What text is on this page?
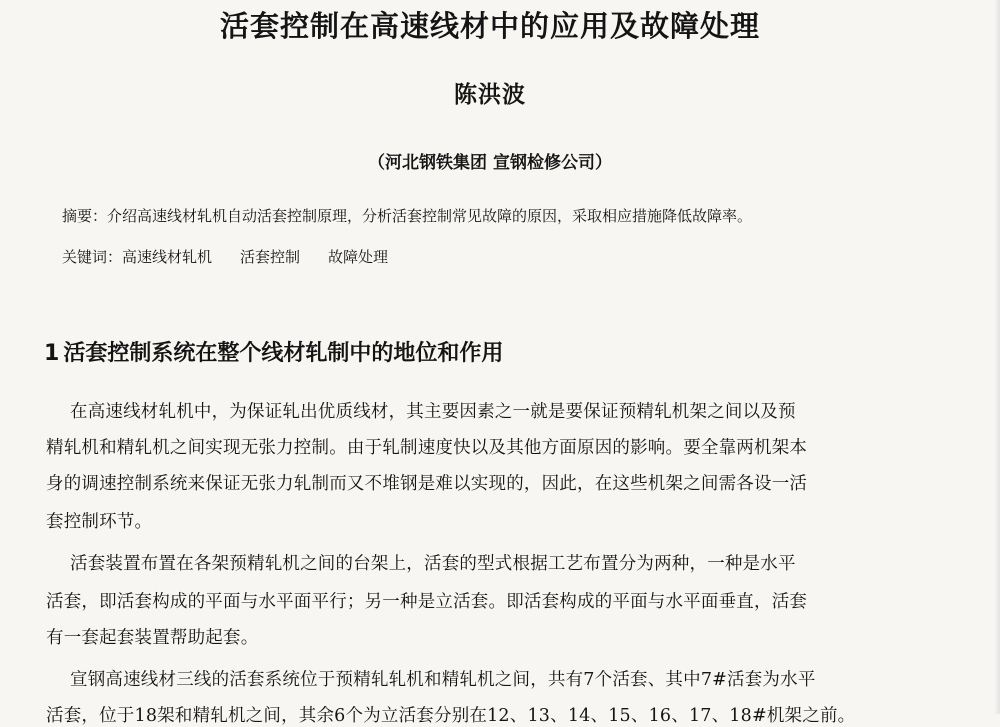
活套控制在高速线材中的应用及故障处理
陈洪波
（河北钢铁集团 宣钢检修公司）
摘要：介绍高速线材轧机自动活套控制原理，分析活套控制常见故障的原因，采取相应措施降低故障率。
关键词：高速线材轧机 活套控制 故障处理
1 活套控制系统在整个线材轧制中的地位和作用
在高速线材轧机中，为保证轧出优质线材，其主要因素之一就是要保证预精轧机架之间以及预
精轧机和精轧机之间实现无张力控制。由于轧制速度快以及其他方面原因的影响。要全靠两机架本
身的调速控制系统来保证无张力轧制而又不堆钢是难以实现的，因此，在这些机架之间需各设一活
套控制环节。
活套装置布置在各架预精轧机之间的台架上，活套的型式根据工艺布置分为两种，一种是水平
活套，即活套构成的平面与水平面平行；另一种是立活套。即活套构成的平面与水平面垂直，活套
有一套起套装置帮助起套。
宣钢高速线材三线的活套系统位于预精轧轧机和精轧机之间，共有7个活套、其中7#活套为水平
活套，位于18架和精轧机之间，其余6个为立活套分别在12、13、14、15、16、17、18#机架之前。
